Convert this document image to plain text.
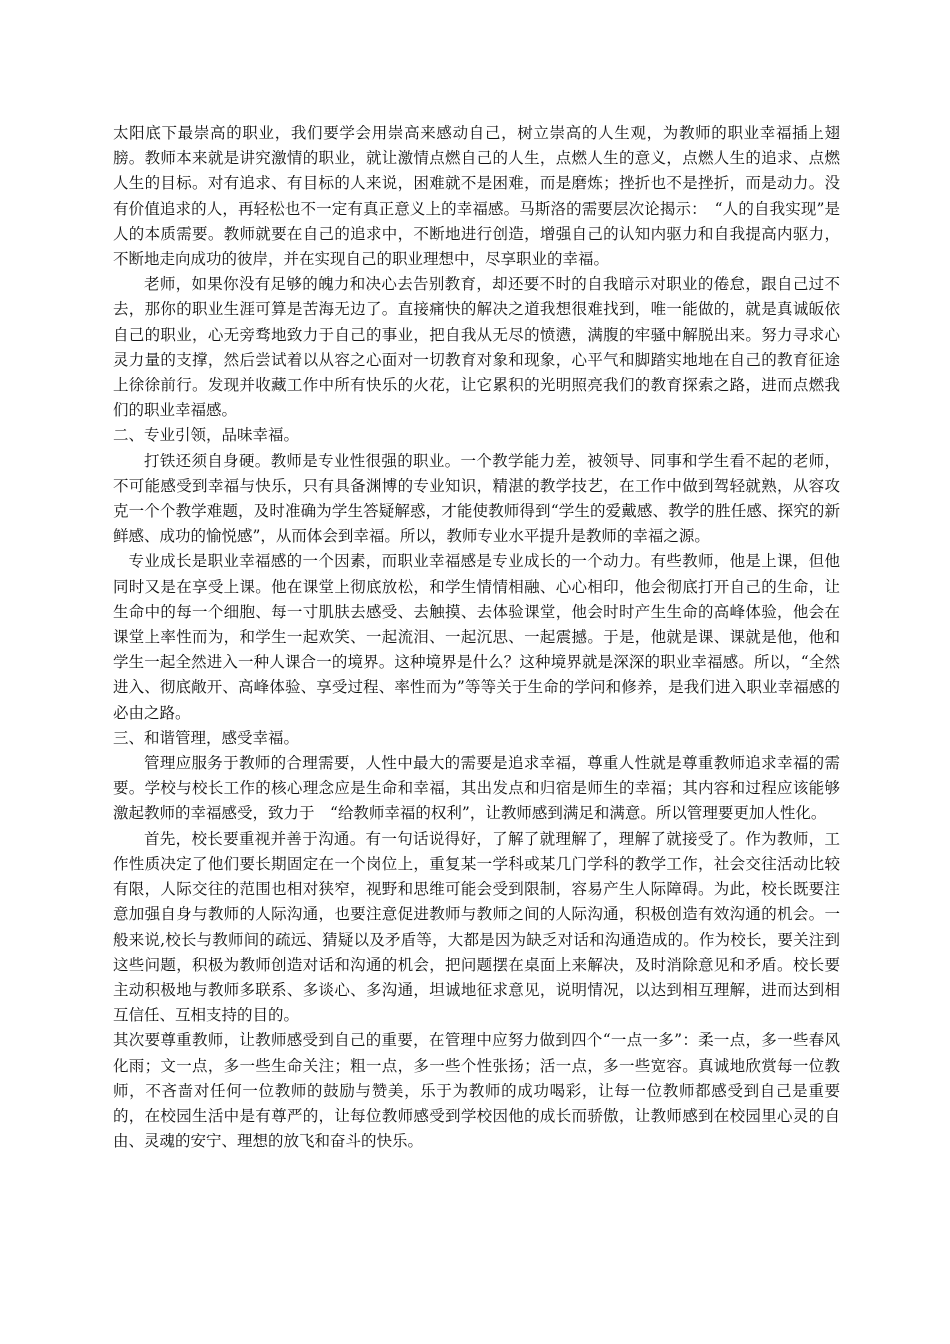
太阳底下最崇高的职业，我们要学会用崇高来感动自己，树立崇高的人生观，为教师的职业幸福插上翅膀。教师本来就是讲究激情的职业，就让激情点燃自己的人生，点燃人生的意义，点燃人生的追求、点燃人生的目标。对有追求、有目标的人来说，困难就不是困难，而是磨炼；挫折也不是挫折，而是动力。没有价值追求的人，再轻松也不一定有真正意义上的幸福感。马斯洛的需要层次论揭示：　“人的自我实现”是人的本质需要。教师就要在自己的追求中，不断地进行创造，增强自己的认知内驱力和自我提高内驱力，不断地走向成功的彼岸，并在实现自己的职业理想中，尽享职业的幸福。

老师，如果你没有足够的魄力和决心去告别教育，却还要不时的自我暗示对职业的倦怠，跟自己过不去，那你的职业生涯可算是苦海无边了。直接痛快的解决之道我想很难找到，唯一能做的，就是真诚皈依自己的职业，心无旁骛地致力于自己的事业，把自我从无尽的愤懑，满腹的牢骚中解脱出来。努力寻求心灵力量的支撑，然后尝试着以从容之心面对一切教育对象和现象，心平气和脚踏实地地在自己的教育征途上徐徐前行。发现并收藏工作中所有快乐的火花，让它累积的光明照亮我们的教育探索之路，进而点燃我们的职业幸福感。

二、专业引领，品味幸福。

打铁还须自身硬。教师是专业性很强的职业。一个教学能力差，被领导、同事和学生看不起的老师，不可能感受到幸福与快乐，只有具备渊博的专业知识，精湛的教学技艺，在工作中做到驾轻就熟，从容攻克一个个教学难题，及时准确为学生答疑解惑，才能使教师得到“学生的爱戴感、教学的胜任感、探究的新鲜感、成功的愉悦感”，从而体会到幸福。所以，教师专业水平提升是教师的幸福之源。

专业成长是职业幸福感的一个因素，而职业幸福感是专业成长的一个动力。有些教师，他是上课，但他同时又是在享受上课。他在课堂上彻底放松，和学生情情相融、心心相印，他会彻底打开自己的生命，让生命中的每一个细胞、每一寸肌肤去感受、去触摸、去体验课堂，他会时时产生生命的高峰体验，他会在课堂上率性而为，和学生一起欢笑、一起流泪、一起沉思、一起震撼。于是，他就是课、课就是他，他和学生一起全然进入一种人课合一的境界。这种境界是什么？这种境界就是深深的职业幸福感。所以，“全然进入、彻底敞开、高峰体验、享受过程、率性而为”等等关于生命的学问和修养，是我们进入职业幸福感的必由之路。

三、和谐管理，感受幸福。

管理应服务于教师的合理需要，人性中最大的需要是追求幸福，尊重人性就是尊重教师追求幸福的需要。学校与校长工作的核心理念应是生命和幸福，其出发点和归宿是师生的幸福；其内容和过程应该能够激起教师的幸福感受，致力于　“给教师幸福的权利”，让教师感到满足和满意。所以管理要更加人性化。

首先，校长要重视并善于沟通。有一句话说得好，了解了就理解了，理解了就接受了。作为教师，工作性质决定了他们要长期固定在一个岗位上，重复某一学科或某几门学科的教学工作，社会交往活动比较有限，人际交往的范围也相对狭窄，视野和思维可能会受到限制，容易产生人际障碍。为此，校长既要注意加强自身与教师的人际沟通，也要注意促进教师与教师之间的人际沟通，积极创造有效沟通的机会。一般来说,校长与教师间的疏远、猜疑以及矛盾等，大都是因为缺乏对话和沟通造成的。作为校长，要关注到这些问题，积极为教师创造对话和沟通的机会，把问题摆在桌面上来解决，及时消除意见和矛盾。校长要主动积极地与教师多联系、多谈心、多沟通，坦诚地征求意见，说明情况，以达到相互理解，进而达到相互信任、互相支持的目的。

其次要尊重教师，让教师感受到自己的重要，在管理中应努力做到四个“一点一多”：柔一点，多一些春风化雨；文一点，多一些生命关注；粗一点，多一些个性张扬；活一点，多一些宽容。真诚地欣赏每一位教师，不吝啬对任何一位教师的鼓励与赞美，乐于为教师的成功喝彩，让每一位教师都感受到自己是重要的，在校园生活中是有尊严的，让每位教师感受到学校因他的成长而骄傲，让教师感到在校园里心灵的自由、灵魂的安宁、理想的放飞和奋斗的快乐。
